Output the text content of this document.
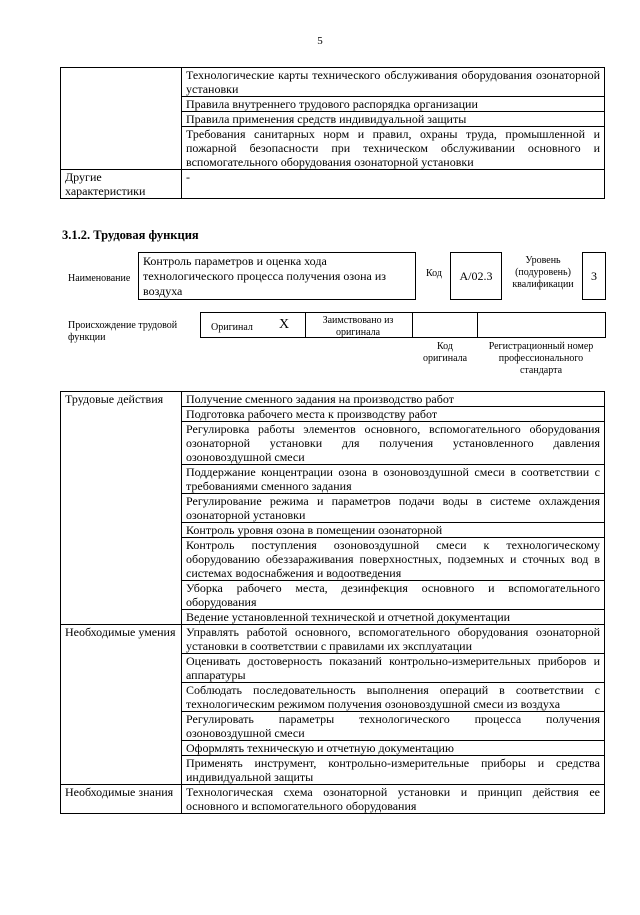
5
	Технологические карты технического обслуживания оборудования озонаторной установки
	Правила внутреннего трудового распорядка организации
	Правила применения средств индивидуальной защиты
	Требования санитарных норм и правил, охраны труда, промышленной и пожарной безопасности при техническом обслуживании основного и вспомогательного оборудования озонаторной установки
Другие характеристики	-
3.1.2. Трудовая функция
Наименование
Контроль параметров и оценка хода технологического процесса получения озона из воздуха
Код	A/02.3
Уровень (подуровень) квалификации
3
Происхождение трудовой функции
Оригинал X	Заимствовано из оригинала
Код оригинала
Регистрационный номер профессионального стандарта
Трудовые действия	Получение сменного задания на производство работ
	Подготовка рабочего места к производству работ
	Регулировка работы элементов основного, вспомогательного оборудования озонаторной установки для получения установленного давления озоновоздушной смеси
	Поддержание концентрации озона в озоновоздушной смеси в соответствии с требованиями сменного задания
	Регулирование режима и параметров подачи воды в системе охлаждения озонаторной установки
	Контроль уровня озона в помещении озонаторной
	Контроль поступления озоновоздушной смеси к технологическому оборудованию обеззараживания поверхностных, подземных и сточных вод в системах водоснабжения и водоотведения
	Уборка рабочего места, дезинфекция основного и вспомогательного оборудования
	Ведение установленной технической и отчетной документации
Необходимые умения	Управлять работой основного, вспомогательного оборудования озонаторной установки в соответствии с правилами их эксплуатации
	Оценивать достоверность показаний контрольно-измерительных приборов и аппаратуры
	Соблюдать последовательность выполнения операций в соответствии с технологическим режимом получения озоновоздушной смеси из воздуха
	Регулировать параметры технологического процесса получения озоновоздушной смеси
	Оформлять техническую и отчетную документацию
	Применять инструмент, контрольно-измерительные приборы и средства индивидуальной защиты
Необходимые знания	Технологическая схема озонаторной установки и принцип действия ее основного и вспомогательного оборудования
